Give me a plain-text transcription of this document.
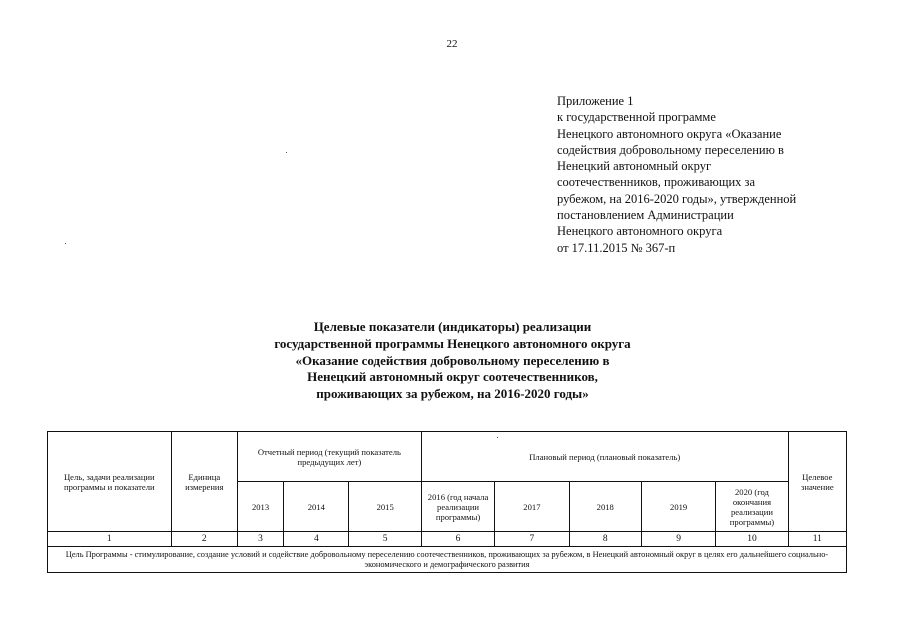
22
Приложение 1
к государственной программе
Ненецкого автономного округа «Оказание
содействия добровольному переселению в
Ненецкий автономный округ
соотечественников, проживающих за
рубежом, на 2016-2020 годы», утвержденной
постановлением Администрации
Ненецкого автономного округа
от 17.11.2015 № 367-п
Целевые показатели (индикаторы) реализации
государственной программы Ненецкого автономного округа
«Оказание содействия добровольному переселению в
Ненецкий автономный округ соотечественников,
проживающих за рубежом, на 2016-2020 годы»
Цель, задачи реализации программы и показатели	Единица измерения	Отчетный период (текущий показатель предыдущих лет)			Плановый период (плановый показатель)					Целевое значение
		2013	2014	2015	2016 (год начала реализации программы)	2017	2018	2019	2020 (год окончания реализации программы)	
1	2	3	4	5	6	7	8	9	10	11
Цель Программы - стимулирование, создание условий и содействие добровольному переселению соотечественников, проживающих за рубежом, в Ненецкий автономный округ в целях его дальнейшего социально-экономического и демографического развития										
